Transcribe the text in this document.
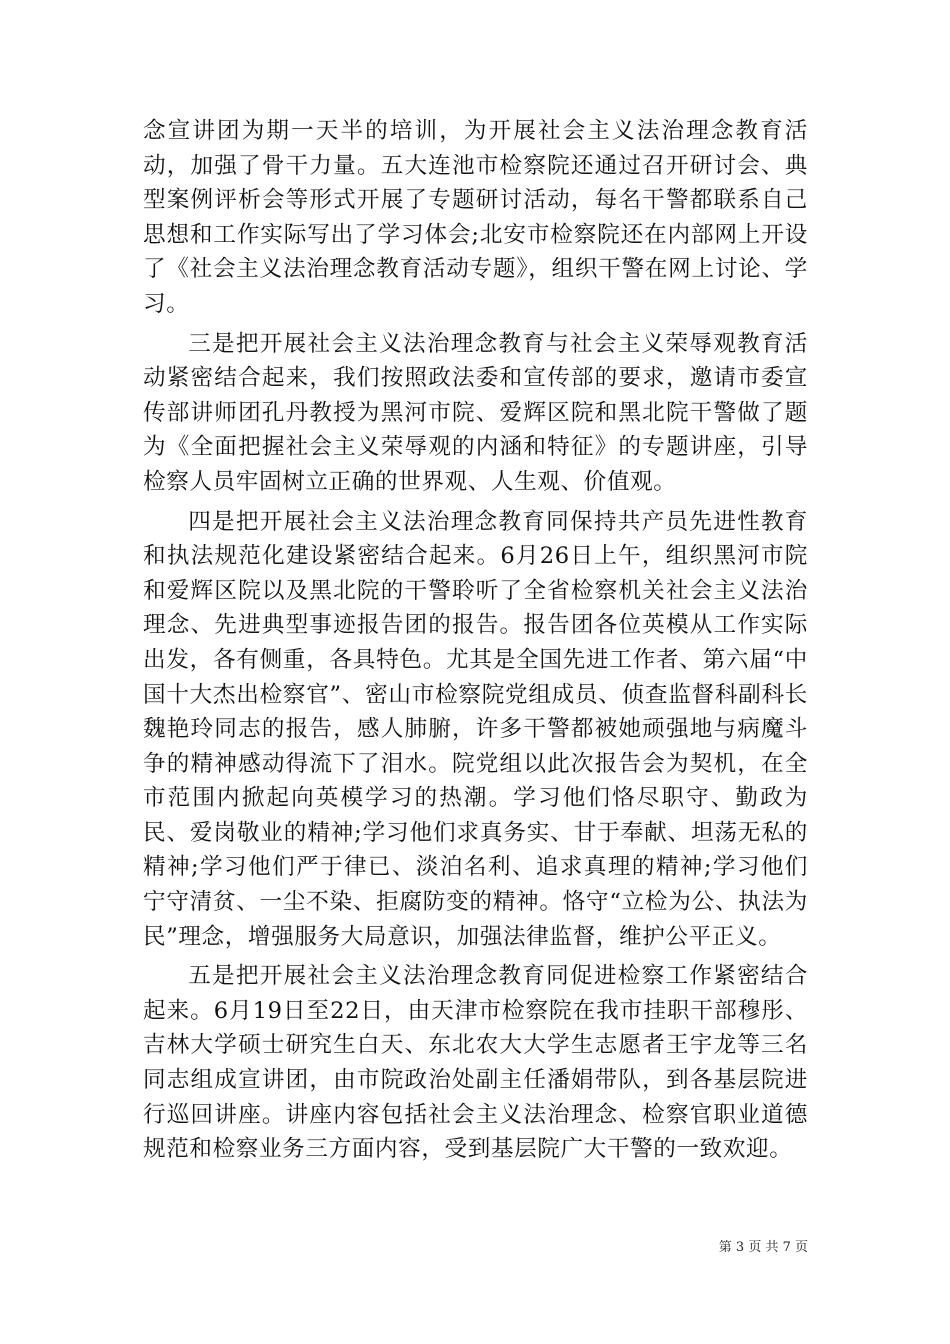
念宣讲团为期一天半的培训，为开展社会主义法治理念教育活动，加强了骨干力量。五大连池市检察院还通过召开研讨会、典型案例评析会等形式开展了专题研讨活动，每名干警都联系自己思想和工作实际写出了学习体会;北安市检察院还在内部网上开设了《社会主义法治理念教育活动专题》，组织干警在网上讨论、学习。

三是把开展社会主义法治理念教育与社会主义荣辱观教育活动紧密结合起来，我们按照政法委和宣传部的要求，邀请市委宣传部讲师团孔丹教授为黑河市院、爱辉区院和黑北院干警做了题为《全面把握社会主义荣辱观的内涵和特征》的专题讲座，引导检察人员牢固树立正确的世界观、人生观、价值观。

四是把开展社会主义法治理念教育同保持共产员先进性教育和执法规范化建设紧密结合起来。6月26日上午，组织黑河市院和爱辉区院以及黑北院的干警聆听了全省检察机关社会主义法治理念、先进典型事迹报告团的报告。报告团各位英模从工作实际出发，各有侧重，各具特色。尤其是全国先进工作者、第六届“中国十大杰出检察官”、密山市检察院党组成员、侦查监督科副科长魏艳玲同志的报告，感人肺腑，许多干警都被她顽强地与病魔斗争的精神感动得流下了泪水。院党组以此次报告会为契机，在全市范围内掀起向英模学习的热潮。学习他们恪尽职守、勤政为民、爱岗敬业的精神;学习他们求真务实、甘于奉献、坦荡无私的精神;学习他们严于律已、淡泊名利、追求真理的精神;学习他们宁守清贫、一尘不染、拒腐防变的精神。恪守“立检为公、执法为民”理念，增强服务大局意识，加强法律监督，维护公平正义。

五是把开展社会主义法治理念教育同促进检察工作紧密结合起来。6月19日至22日，由天津市检察院在我市挂职干部穆彤、吉林大学硕士研究生白天、东北农大大学生志愿者王宇龙等三名同志组成宣讲团，由市院政治处副主任潘娟带队，到各基层院进行巡回讲座。讲座内容包括社会主义法治理念、检察官职业道德规范和检察业务三方面内容，受到基层院广大干警的一致欢迎。

第 3 页 共 7 页
